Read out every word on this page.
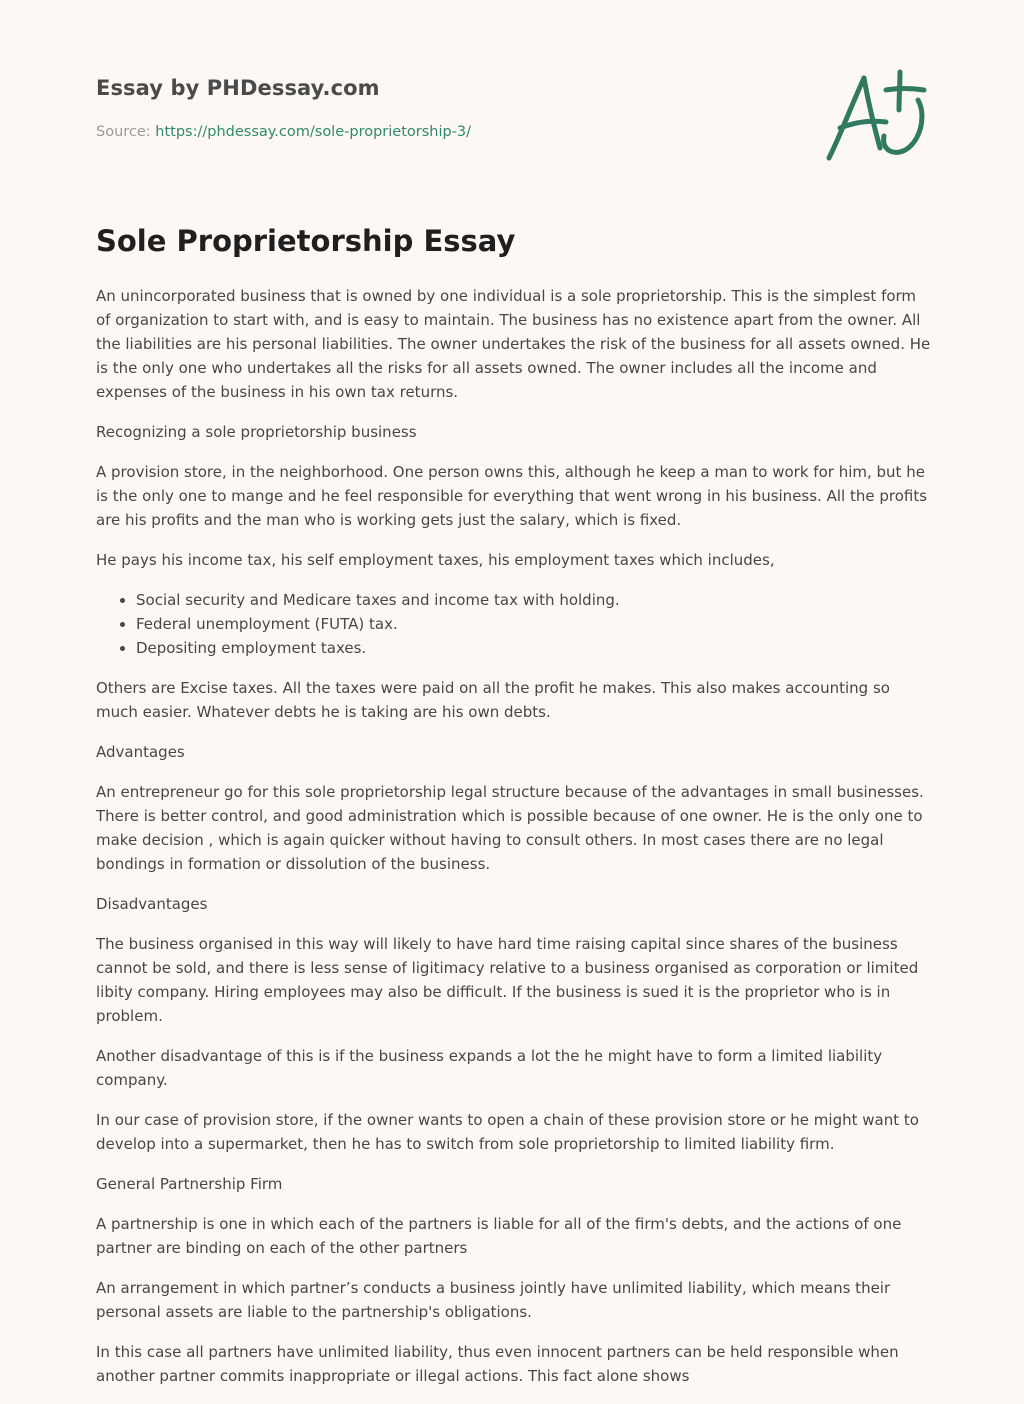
Essay by PHDessay.com
Source: https://phdessay.com/sole-proprietorship-3/
Sole Proprietorship Essay

An unincorporated business that is owned by one individual is a sole proprietorship. This is the simplest form of organization to start with, and is easy to maintain. The business has no existence apart from the owner. All the liabilities are his personal liabilities. The owner undertakes the risk of the business for all assets owned. He is the only one who undertakes all the risks for all assets owned. The owner includes all the income and expenses of the business in his own tax returns.

Recognizing a sole proprietorship business

A provision store, in the neighborhood. One person owns this, although he keep a man to work for him, but he is the only one to mange and he feel responsible for everything that went wrong in his business. All the profits are his profits and the man who is working gets just the salary, which is fixed.

He pays his income tax, his self employment taxes, his employment taxes which includes,

• Social security and Medicare taxes and income tax with holding.
• Federal unemployment (FUTA) tax.
• Depositing employment taxes.

Others are Excise taxes. All the taxes were paid on all the profit he makes. This also makes accounting so much easier. Whatever debts he is taking are his own debts.

Advantages

An entrepreneur go for this sole proprietorship legal structure because of the advantages in small businesses. There is better control, and good administration which is possible because of one owner. He is the only one to make decision , which is again quicker without having to consult others. In most cases there are no legal bondings in formation or dissolution of the business.

Disadvantages

The business organised in this way will likely to have hard time raising capital since shares of the business cannot be sold, and there is less sense of ligitimacy relative to a business organised as corporation or limited libity company. Hiring employees may also be difficult. If the business is sued it is the proprietor who is in problem.

Another disadvantage of this is if the business expands a lot the he might have to form a limited liability company.

In our case of provision store, if the owner wants to open a chain of these provision store or he might want to develop into a supermarket, then he has to switch from sole proprietorship to limited liability firm.

General Partnership Firm

A partnership is one in which each of the partners is liable for all of the firm's debts, and the actions of one partner are binding on each of the other partners

An arrangement in which partner’s conducts a business jointly have unlimited liability, which means their personal assets are liable to the partnership's obligations.

In this case all partners have unlimited liability, thus even innocent partners can be held responsible when another partner commits inappropriate or illegal actions. This fact alone shows
